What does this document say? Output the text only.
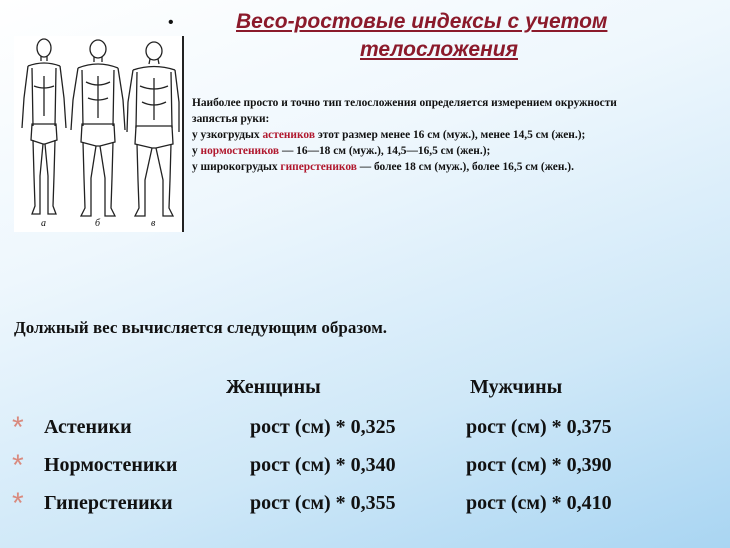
•	Весо-ростовые индексы с учетом
телосложения
а	б	в
Наиболее просто и точно тип телосложения определяется измерением окружности
запястья руки:
у узкогрудых астеников этот размер менее 16 см (муж.), менее 14,5 см (жен.);
у нормостеников — 16—18 см (муж.), 14,5—16,5 см (жен.);
у широкогрудых гиперстеников — более 18 см (муж.), более 16,5 см (жен.).
Должный вес вычисляется следующим образом.
Женщины	Мужчины
* Астеники	рост (см) * 0,325	рост (см) * 0,375
* Нормостеники	рост (см) * 0,340	рост (см) * 0,390
* Гиперстеники	рост (см) * 0,355	рост (см) * 0,410
